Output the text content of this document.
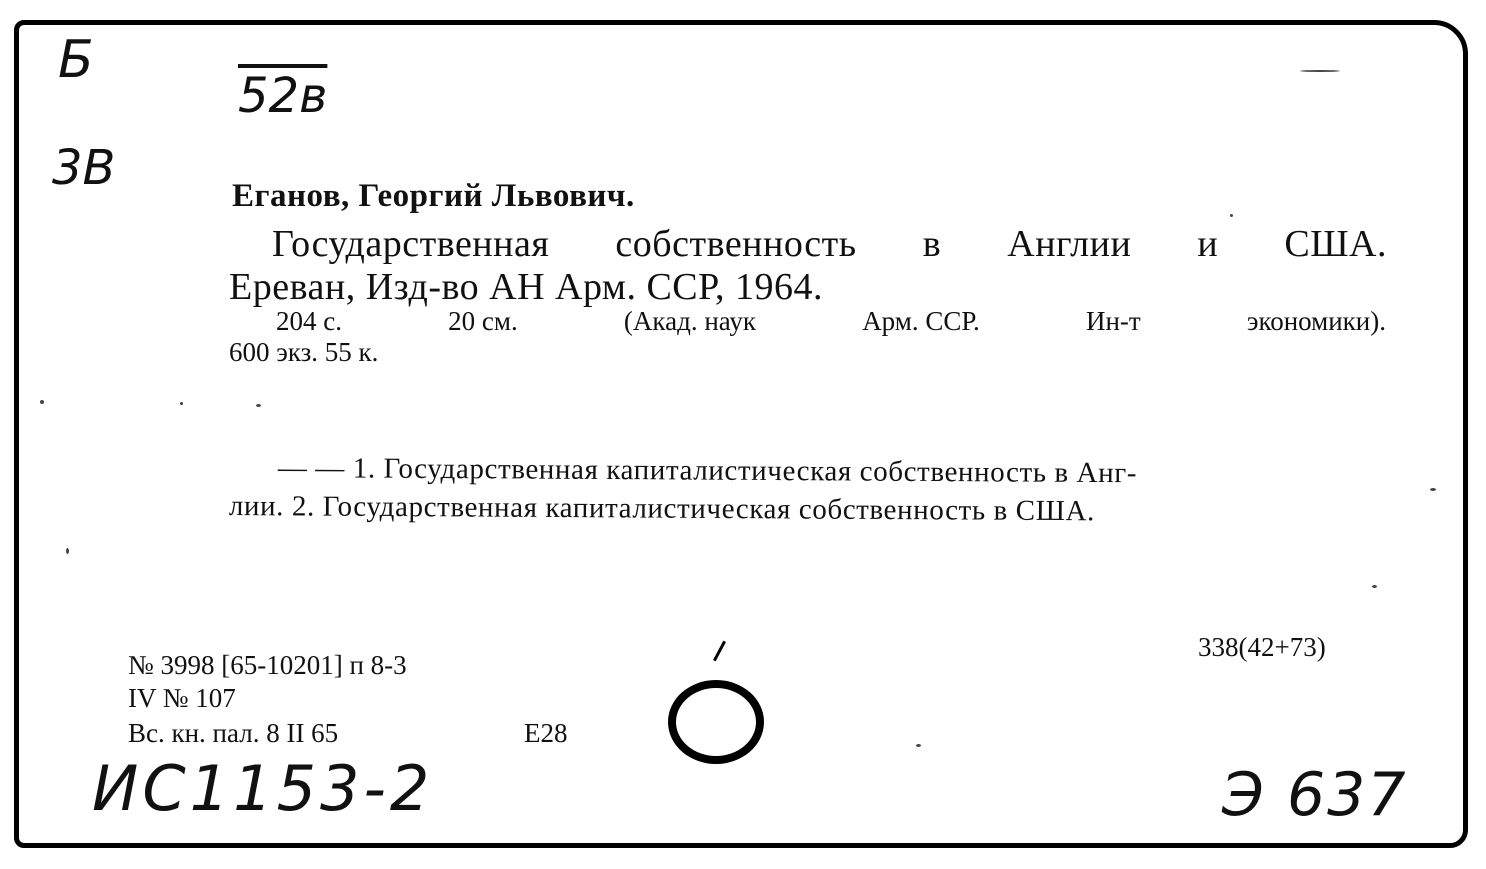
Еганов, Георгий Львович.
Государственная собственность в Англии и США.
Ереван, Изд-во АН Арм. ССР, 1964.
204 с.	20 см.	(Акад. наук	Арм. ССР.	Ин-т	экономики).
600 экз. 55 к.
— — 1. Государственная капиталистическая собственность в Анг-
лии. 2. Государственная капиталистическая собственность в США.
№ 3998 [65-10201] п 8-3
IV № 107
Вс. кн. пал. 8 II 65	Е28
338(42+73)
Б
52в
3В
ИС1153-2	Э 637
